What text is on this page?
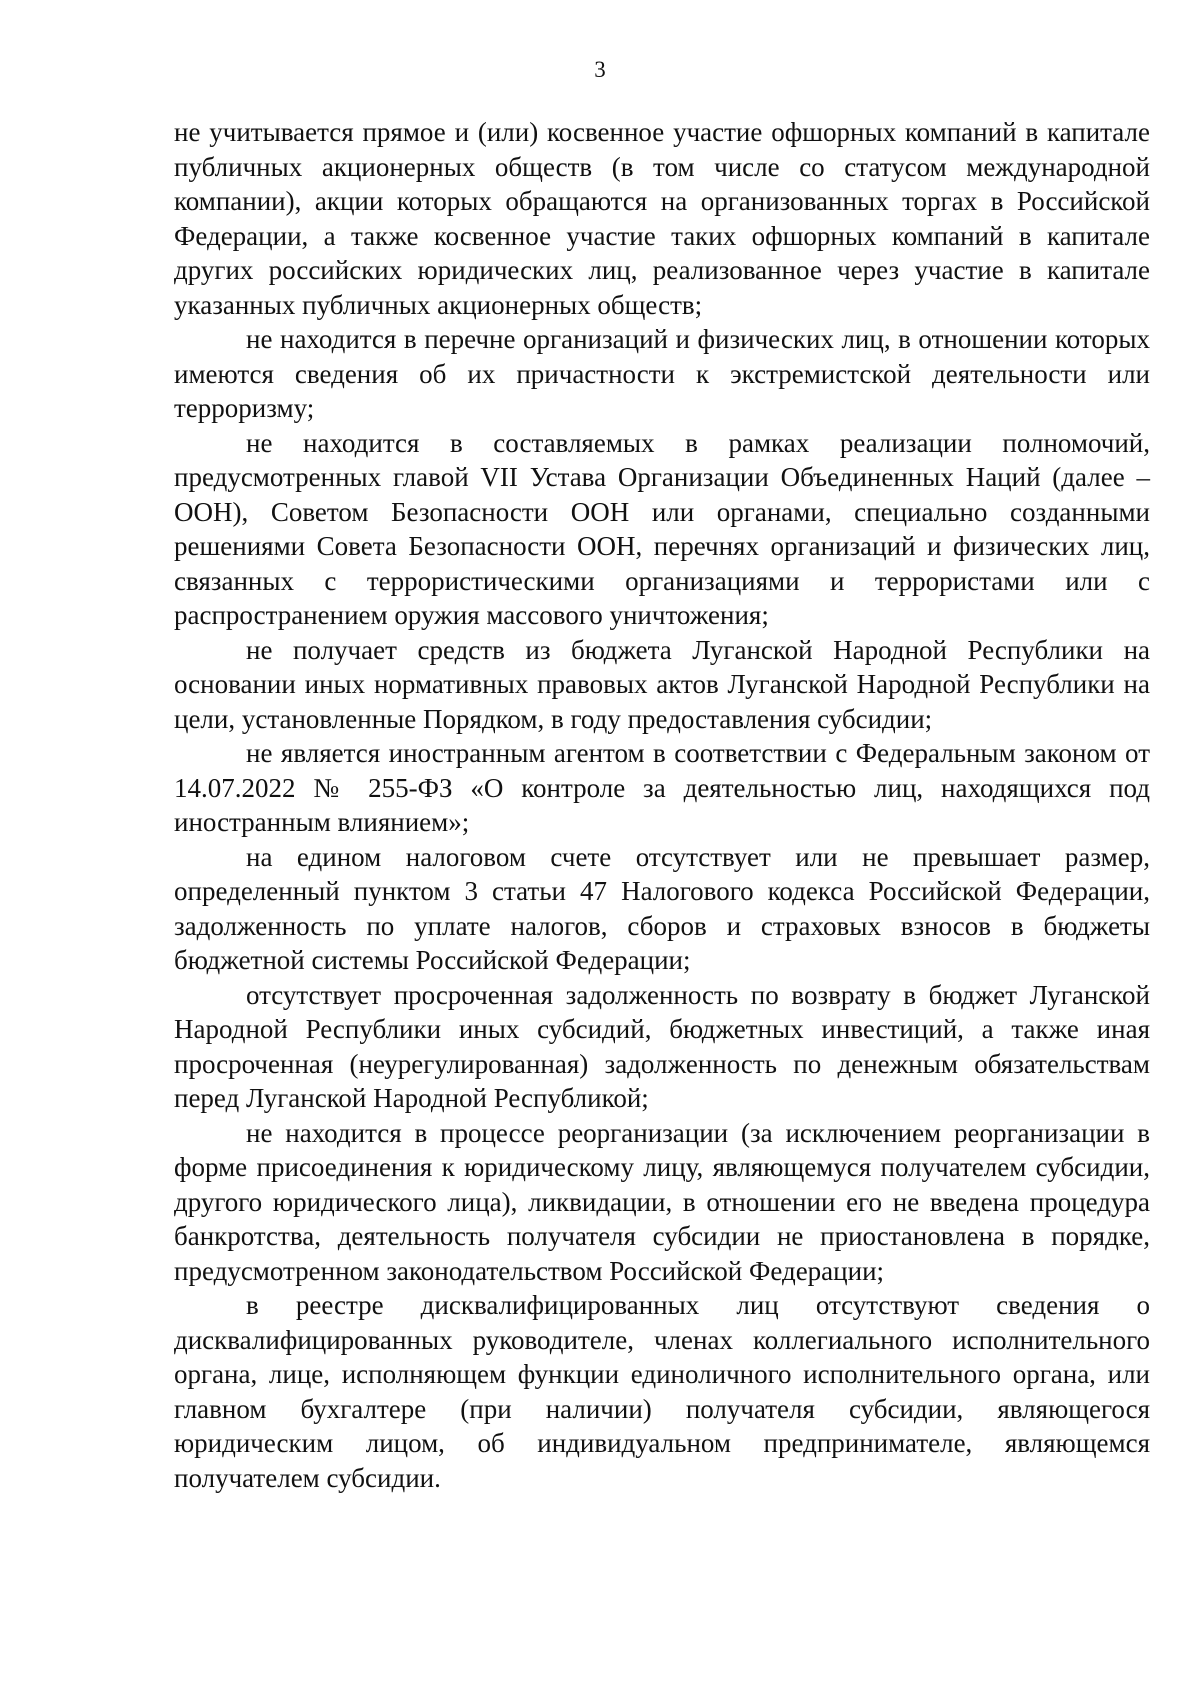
3

не учитывается прямое и (или) косвенное участие офшорных компаний в капитале публичных акционерных обществ (в том числе со статусом международной компании), акции которых обращаются на организованных торгах в Российской Федерации, а также косвенное участие таких офшорных компаний в капитале других российских юридических лиц, реализованное через участие в капитале указанных публичных акционерных обществ;

не находится в перечне организаций и физических лиц, в отношении которых имеются сведения об их причастности к экстремистской деятельности или терроризму;

не находится в составляемых в рамках реализации полномочий, предусмотренных главой VII Устава Организации Объединенных Наций (далее – ООН), Советом Безопасности ООН или органами, специально созданными решениями Совета Безопасности ООН, перечнях организаций и физических лиц, связанных с террористическими организациями и террористами или с распространением оружия массового уничтожения;

не получает средств из бюджета Луганской Народной Республики на основании иных нормативных правовых актов Луганской Народной Республики на цели, установленные Порядком, в году предоставления субсидии;

не является иностранным агентом в соответствии с Федеральным законом от 14.07.2022 № 255-ФЗ «О контроле за деятельностью лиц, находящихся под иностранным влиянием»;

на едином налоговом счете отсутствует или не превышает размер, определенный пунктом 3 статьи 47 Налогового кодекса Российской Федерации, задолженность по уплате налогов, сборов и страховых взносов в бюджеты бюджетной системы Российской Федерации;

отсутствует просроченная задолженность по возврату в бюджет Луганской Народной Республики иных субсидий, бюджетных инвестиций, а также иная просроченная (неурегулированная) задолженность по денежным обязательствам перед Луганской Народной Республикой;

не находится в процессе реорганизации (за исключением реорганизации в форме присоединения к юридическому лицу, являющемуся получателем субсидии, другого юридического лица), ликвидации, в отношении его не введена процедура банкротства, деятельность получателя субсидии не приостановлена в порядке, предусмотренном законодательством Российской Федерации;

в реестре дисквалифицированных лиц отсутствуют сведения о дисквалифицированных руководителе, членах коллегиального исполнительного органа, лице, исполняющем функции единоличного исполнительного органа, или главном бухгалтере (при наличии) получателя субсидии, являющегося юридическим лицом, об индивидуальном предпринимателе, являющемся получателем субсидии.
